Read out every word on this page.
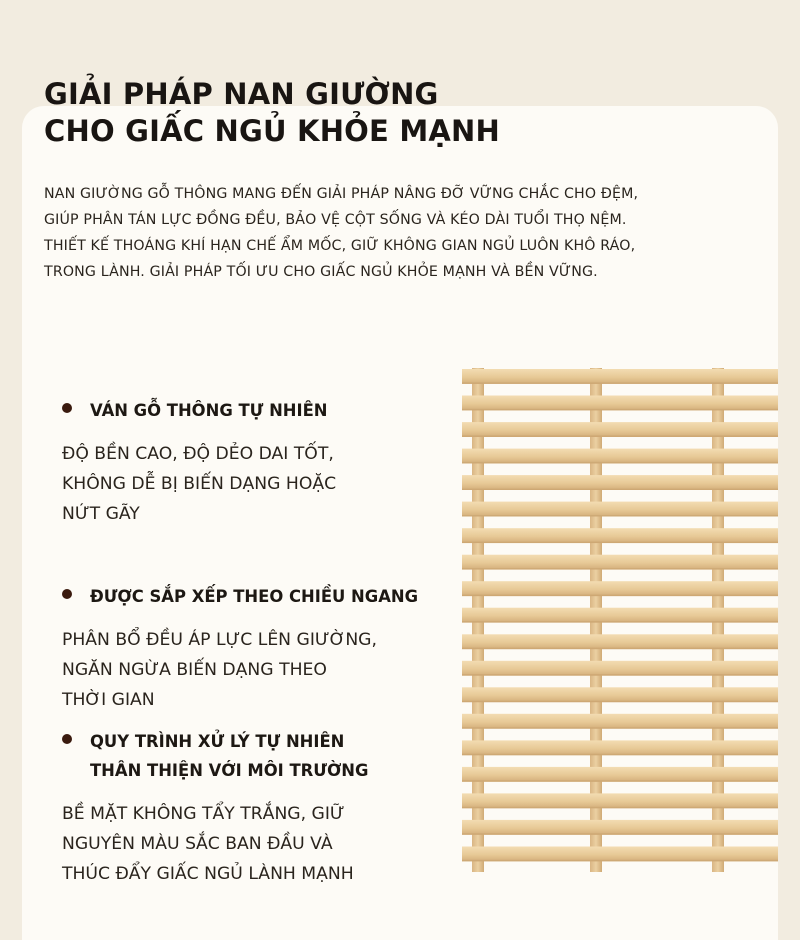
GIẢI PHÁP NAN GIƯỜNG
CHO GIẤC NGỦ KHỎE MẠNH

NAN GIƯỜNG GỖ THÔNG MANG ĐẾN GIẢI PHÁP NÂNG ĐỠ VỮNG CHẮC CHO ĐỆM,
GIÚP PHÂN TÁN LỰC ĐỒNG ĐỀU, BẢO VỆ CỘT SỐNG VÀ KÉO DÀI TUỔI THỌ NỆM.
THIẾT KẾ THOÁNG KHÍ HẠN CHẾ ẨM MỐC, GIỮ KHÔNG GIAN NGỦ LUÔN KHÔ RÁO,
TRONG LÀNH. GIẢI PHÁP TỐI ƯU CHO GIẤC NGỦ KHỎE MẠNH VÀ BỀN VỮNG.

VÁN GỖ THÔNG TỰ NHIÊN
ĐỘ BỀN CAO, ĐỘ DẺO DAI TỐT,
KHÔNG DỄ BỊ BIẾN DẠNG HOẶC
NỨT GÃY
ĐƯỢC SẮP XẾP THEO CHIỀU NGANG
PHÂN BỔ ĐỀU ÁP LỰC LÊN GIƯỜNG,
NGĂN NGỪA BIẾN DẠNG THEO
THỜI GIAN
QUY TRÌNH XỬ LÝ TỰ NHIÊN
THÂN THIỆN VỚI MÔI TRƯỜNG
BỀ MẶT KHÔNG TẨY TRẮNG, GIỮ
NGUYÊN MÀU SẮC BAN ĐẦU VÀ
THÚC ĐẨY GIẤC NGỦ LÀNH MẠNH
